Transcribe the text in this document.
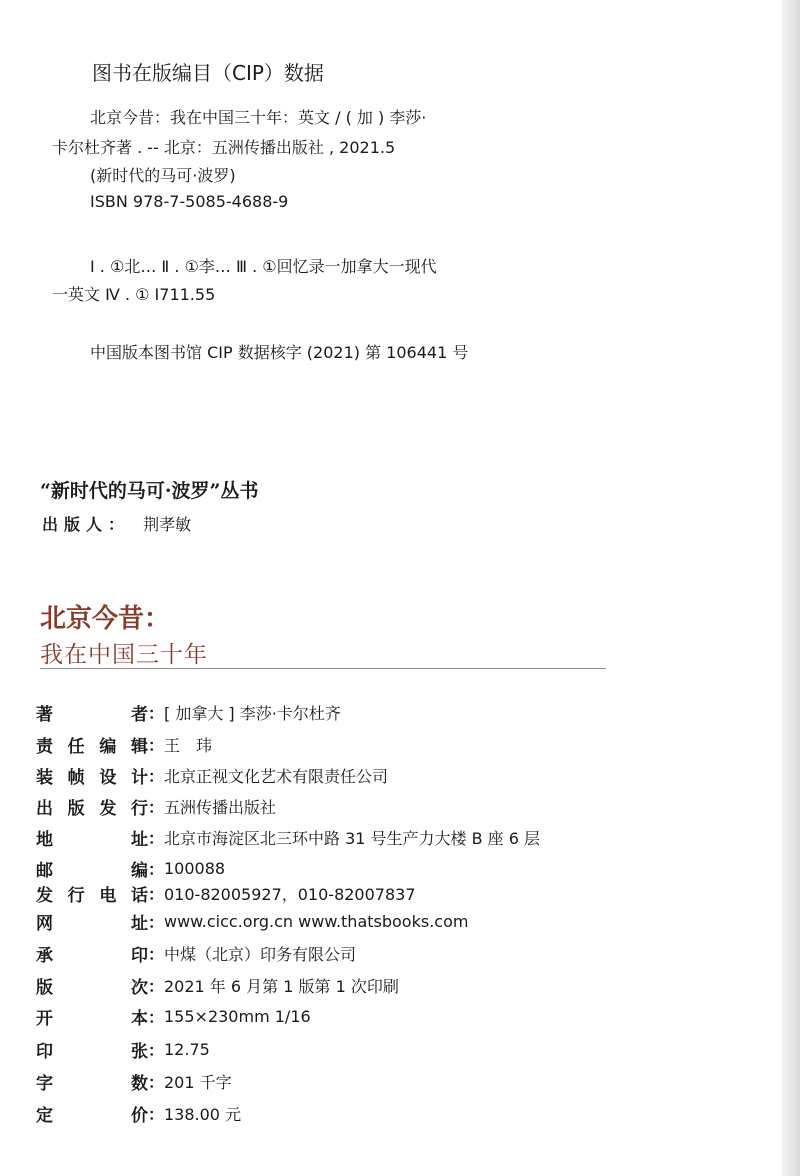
图书在版编目（CIP）数据
北京今昔：我在中国三十年：英文 / ( 加 ) 李莎·
卡尔杜齐著 . -- 北京：五洲传播出版社 , 2021.5
(新时代的马可·波罗)
ISBN 978-7-5085-4688-9
Ⅰ . ①北… Ⅱ . ①李… Ⅲ . ①回忆录一加拿大一现代
一英文 Ⅳ . ① I711.55
中国版本图书馆 CIP 数据核字 (2021) 第 106441 号
“新时代的马可·波罗”丛书
出版人： 荆孝敏
北京今昔：
我在中国三十年
著	者 ： [ 加拿大 ] 李莎·卡尔杜齐
责 任 编 辑 ： 王　玮
装 帧 设 计 ： 北京正视文化艺术有限责任公司
出 版 发 行 ： 五洲传播出版社
地	址 ： 北京市海淀区北三环中路 31 号生产力大楼 B 座 6 层
邮	编 ： 100088
发 行 电 话 ： 010-82005927，010-82007837
网	址 ： www.cicc.org.cn www.thatsbooks.com
承	印 ： 中煤（北京）印务有限公司
版	次 ： 2021 年 6 月第 1 版第 1 次印刷
开	本 ： 155×230mm 1/16
印	张 ： 12.75
字	数 ： 201 千字
定	价 ： 138.00 元
